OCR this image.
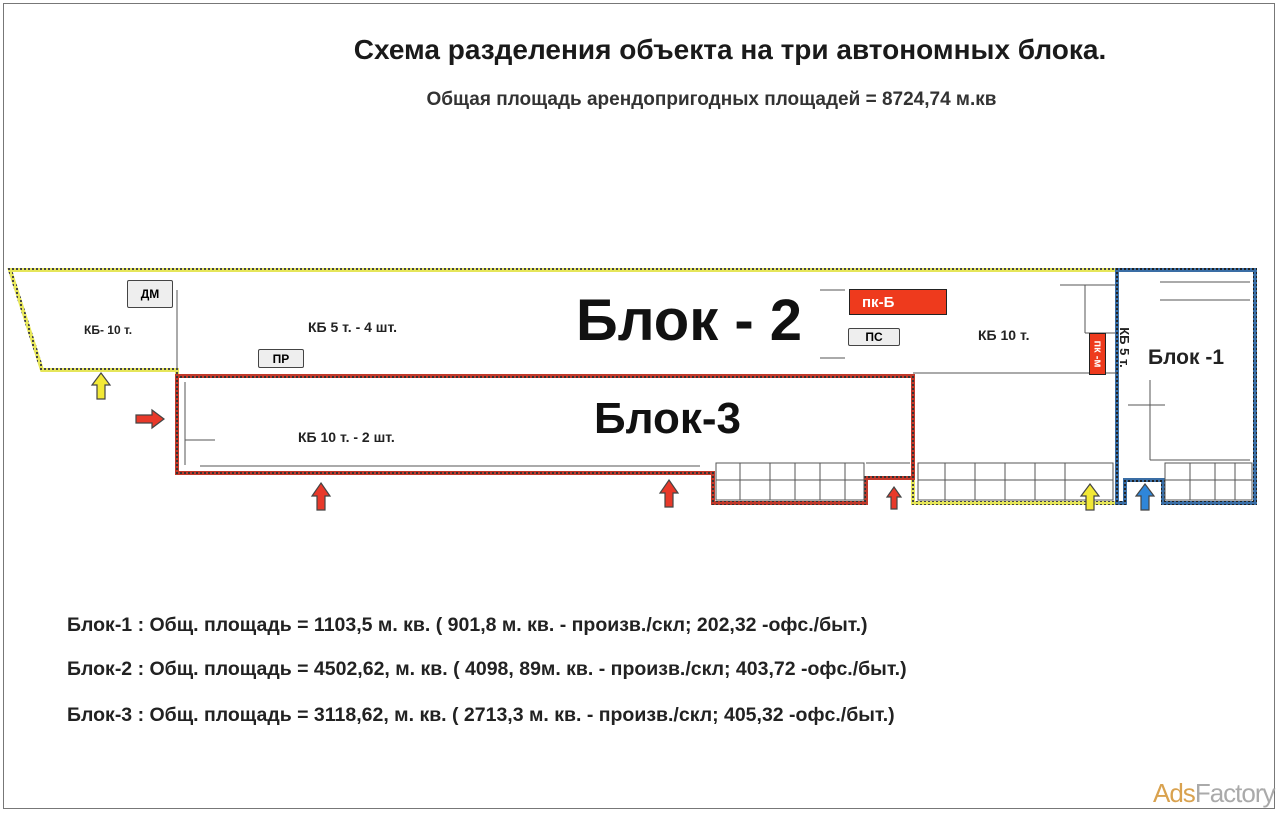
Схема разделения объекта на три автономных блока.
Общая площадь арендопригодных площадей = 8724,74 м.кв
КБ- 10 т.	КБ 5 т. - 4 шт.	Блок - 2	КБ 10 т.
Блок-3
КБ 10 т. - 2 шт.
Блок -1
КБ 5 т.
ДМ
ПР
ПС
пк-Б
пк -м
Блок-1 : Общ. площадь = 1103,5 м. кв. ( 901,8 м. кв. - произв./скл; 202,32 -офс./быт.)
Блок-2 : Общ. площадь = 4502,62, м. кв. ( 4098, 89м. кв. - произв./скл; 403,72 -офс./быт.)
Блок-3 : Общ. площадь = 3118,62, м. кв. ( 2713,3 м. кв. - произв./скл; 405,32 -офс./быт.)
AdsFactory
